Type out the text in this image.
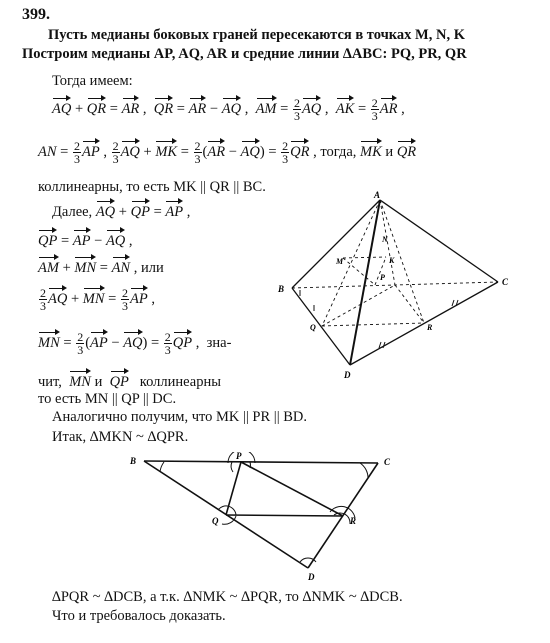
399.
Пусть медианы боковых граней пересекаются в точках M, N, K
Построим медианы AP, AQ, AR и средние линии ∆ABC: PQ, PR, QR
Тогда имеем:
AQ + QR = AR ,  QR = AR − AQ ,  AM = $\frac{2}{3}$ AQ ,  AK = $\frac{2}{3}$ AR ,
AN = $\frac{2}{3}$ AP , $\frac{2}{3}$ AQ + MK = $\frac{2}{3} (AR - AQ) = \frac{2}{3}$ QR , тогда, MK и QR
коллинеарны, то есть MK || QR || BC.
Далее, AQ + QP = AP ,
QP = AP − AQ ,
AM + MN = AN , или
$\frac{2}{3}$ AQ + MN = $\frac{2}{3}$ AP ,
MN = $\frac{2}{3} (AP - AQ) = \frac{2}{3}$ QP ,  зна-
чит, MN и  QP коллинеарны
то есть MN || QP || DC.
Аналогично получим, что MK || PR || BD.
Итак, ∆MKN ~ ∆QPR.
A
B
C
D
N
M	K
P
Q	R
B	P
C
Q	R
D
∆PQR ~ ∆DCB, а т.к. ∆NMK ~ ∆PQR, то ∆NMK ~ ∆DCB.
Что и требовалось доказать.
